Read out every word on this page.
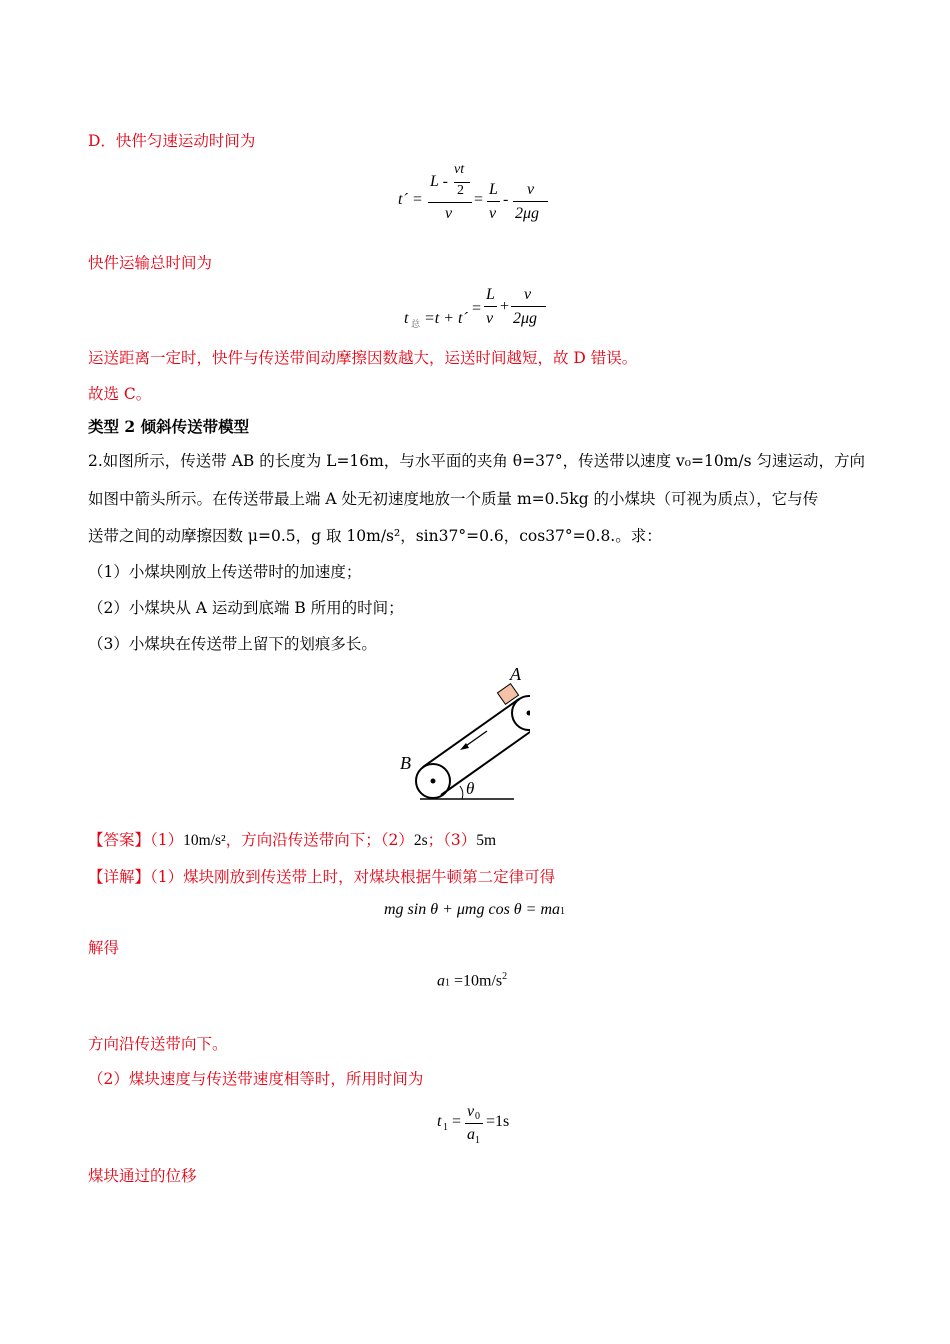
D．快件匀速运动时间为
t´ =
L -
vt
2
v
=
L
v
-
v
2μg
快件运输总时间为
t 总 =t + t´
=
L
v
+
v
2μg
运送距离一定时，快件与传送带间动摩擦因数越大，运送时间越短，故 D 错误。
故选 C。
类型 2 倾斜传送带模型
2.如图所示，传送带 AB 的长度为 L=16m，与水平面的夹角 θ=37°，传送带以速度 v₀=10m/s 匀速运动，方向
如图中箭头所示。在传送带最上端 A 处无初速度地放一个质量 m=0.5kg 的小煤块（可视为质点），它与传
送带之间的动摩擦因数 μ=0.5，g 取 10m/s²，sin37°=0.6，cos37°=0.8.。求：
（1）小煤块刚放上传送带时的加速度；
（2）小煤块从 A 运动到底端 B 所用的时间；
（3）小煤块在传送带上留下的划痕多长。
A
B
θ
【答案】（1）10m/s²，方向沿传送带向下；（2）2s；（3）5m
【详解】（1）煤块刚放到传送带上时，对煤块根据牛顿第二定律可得
mg sin θ + μmg cos θ = ma1
解得
$a1 =10m/s^2$
方向沿传送带向下。
（2）煤块速度与传送带速度相等时，所用时间为
t 1 =
v 0
a 1
=1s
煤块通过的位移
